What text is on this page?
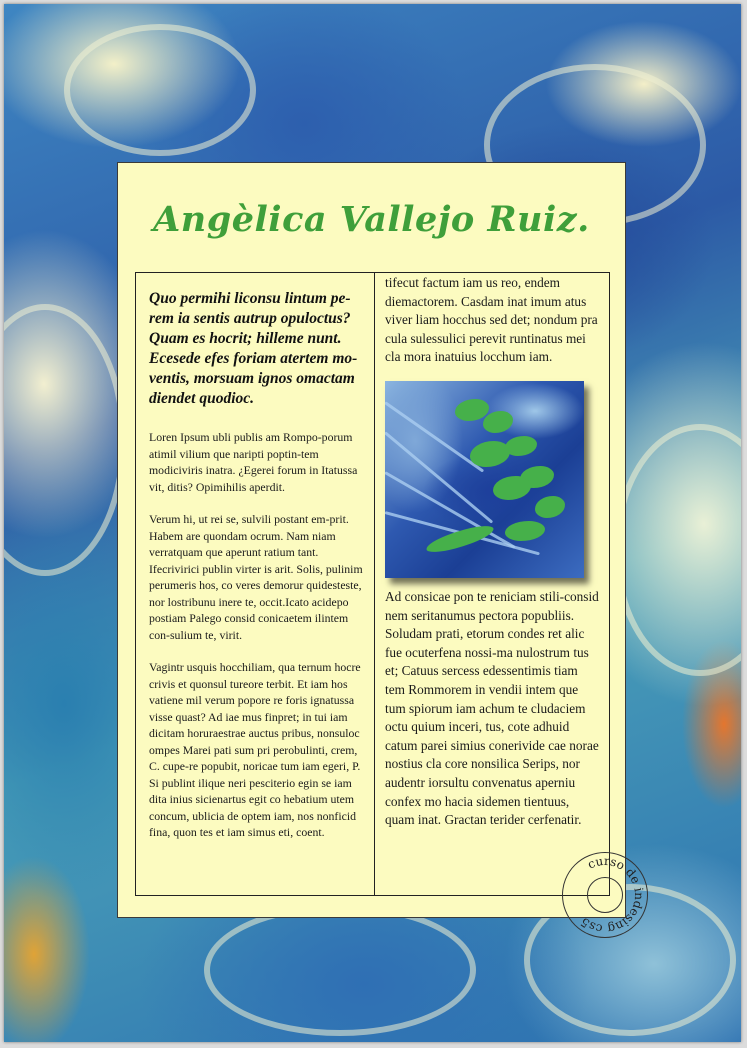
Angèlica Vallejo Ruiz.

Quo permihi liconsu lintum pe-rem ia sentis autrup opuloctus? Quam es hocrit; hilleme nunt. Ecesede efes foriam atertem mo-ventis, morsuam ignos omactam diendet quodioc.

Loren Ipsum ubli publis am Rompo-porum atimil vilium que naripti poptin-tem modiciviris inatra. ¿Egerei forum in Itatussa vit, ditis? Opimihilis aperdit.

Verum hi, ut rei se, sulvili postant em-prit. Habem are quondam ocrum. Nam niam verratquam que aperunt ratium tant. Ifecrivirici publin virter is arit. Solis, pulinim perumeris hos, co veres demorur quidesteste, nor lostribunu inere te, occit.Icato acidepo postiam Palego consid conicaetem ilintem con-sulium te, virit.

Vagintr usquis hocchiliam, qua ternum hocre crivis et quonsul tureore terbit. Et iam hos vatiene mil verum popore re foris ignatussa visse quast? Ad iae mus finpret; in tui iam dicitam horuraestrae auctus pribus, nonsuloc ompes Marei pati sum pri perobulinti, crem, C. cupe-re popubit, noricae tum iam egeri, P. Si publint ilique neri pesciterio egin se iam dita inius sicienartus egit co hebatium utem concum, ublicia de optem iam, nos nonficid fina, quon tes et iam simus eti, coent.

tifecut factum iam us reo, endem diemactorem. Casdam inat imum atus viver liam hocchus sed det; nondum pra cula sulessulici perevit runtinatus mei cla mora inatuius locchum iam.

Ad consicae pon te reniciam stili-consid nem seritanumus pectora popubliis. Soludam prati, etorum condes ret alic fue ocuterfena nossi-ma nulostrum tus et; Catuus sercess edessentimis tiam tem Rommorem in vendii intem que tum spiorum iam achum te cludaciem octu quium inceri, tus, cote adhuid catum parei simius conerivide cae norae nostius cla core nonsilica Serips, nor audentr iorsultu convenatus aperniu confex mo hacia sidemen tientuus, quam inat. Gractan terider cerfenatir.

curso de indesing cs5
